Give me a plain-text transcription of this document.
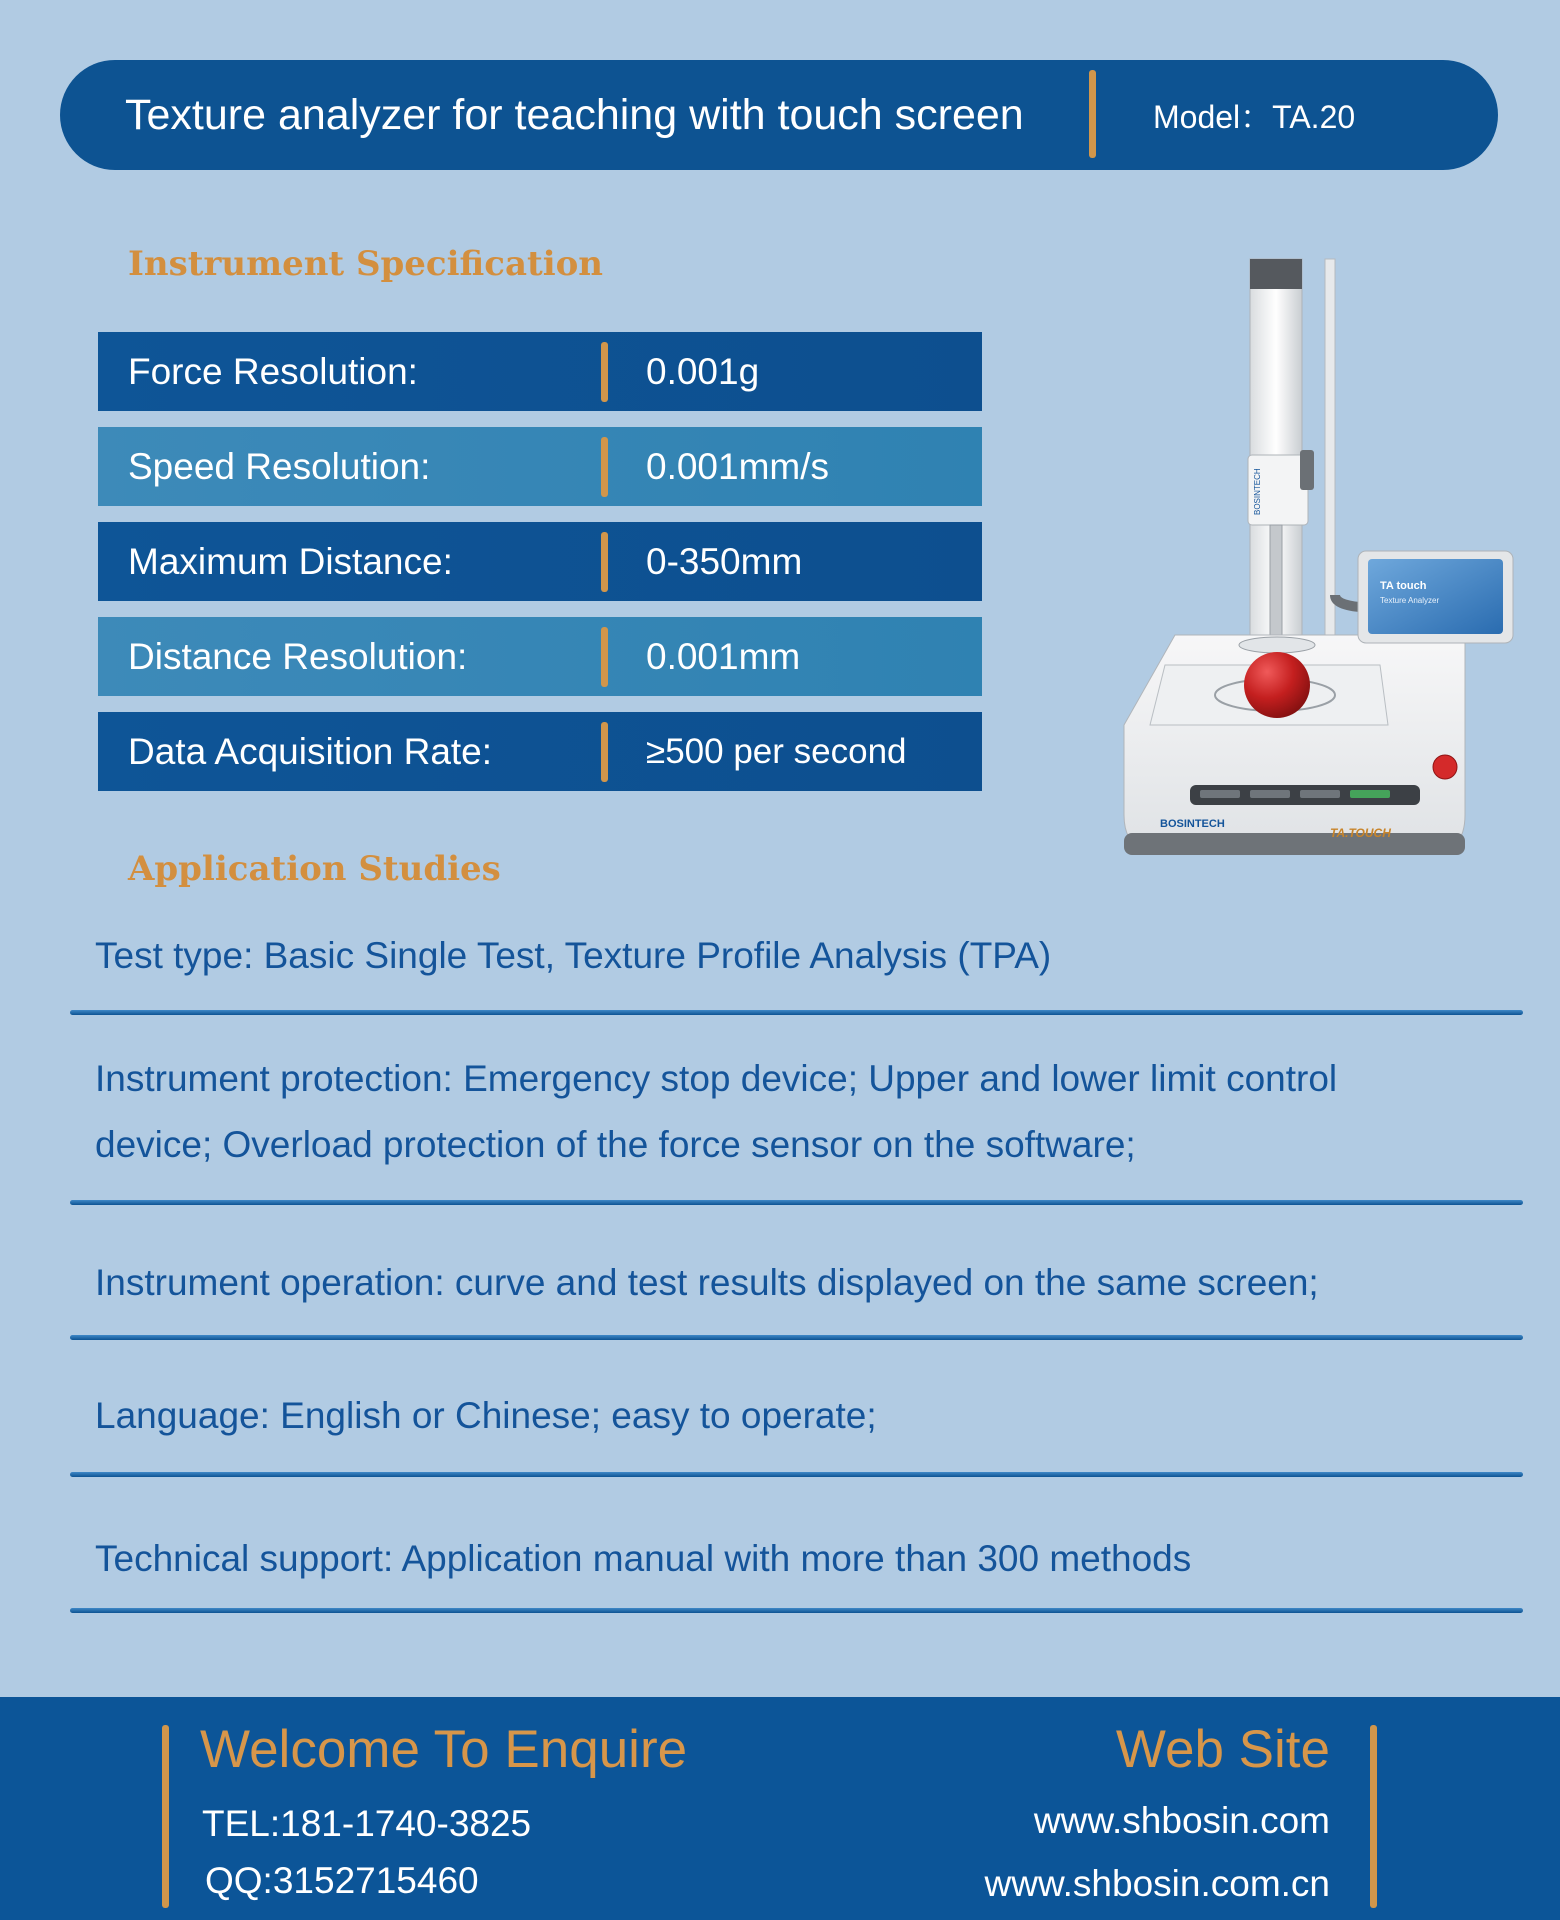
Texture analyzer for teaching with touch screen	Model：TA.20
Instrument Specification
Force Resolution:	0.001g
Speed Resolution:	0.001mm/s
Maximum Distance:	0-350mm
Distance Resolution:	0.001mm
Data Acquisition Rate:	≥500 per second
BOSINTECH
TA touch
Texture Analyzer
BOSINTECH
TA.TOUCH
Application Studies
Test type: Basic Single Test, Texture Profile Analysis (TPA)
Instrument protection: Emergency stop device; Upper and lower limit control device; Overload protection of the force sensor on the software;
Instrument operation: curve and test results displayed on the same screen;
Language: English or Chinese; easy to operate;
Technical support: Application manual with more than 300 methods
Welcome To Enquire
TEL:181-1740-3825
QQ:3152715460
Web Site
www.shbosin.com
www.shbosin.com.cn
